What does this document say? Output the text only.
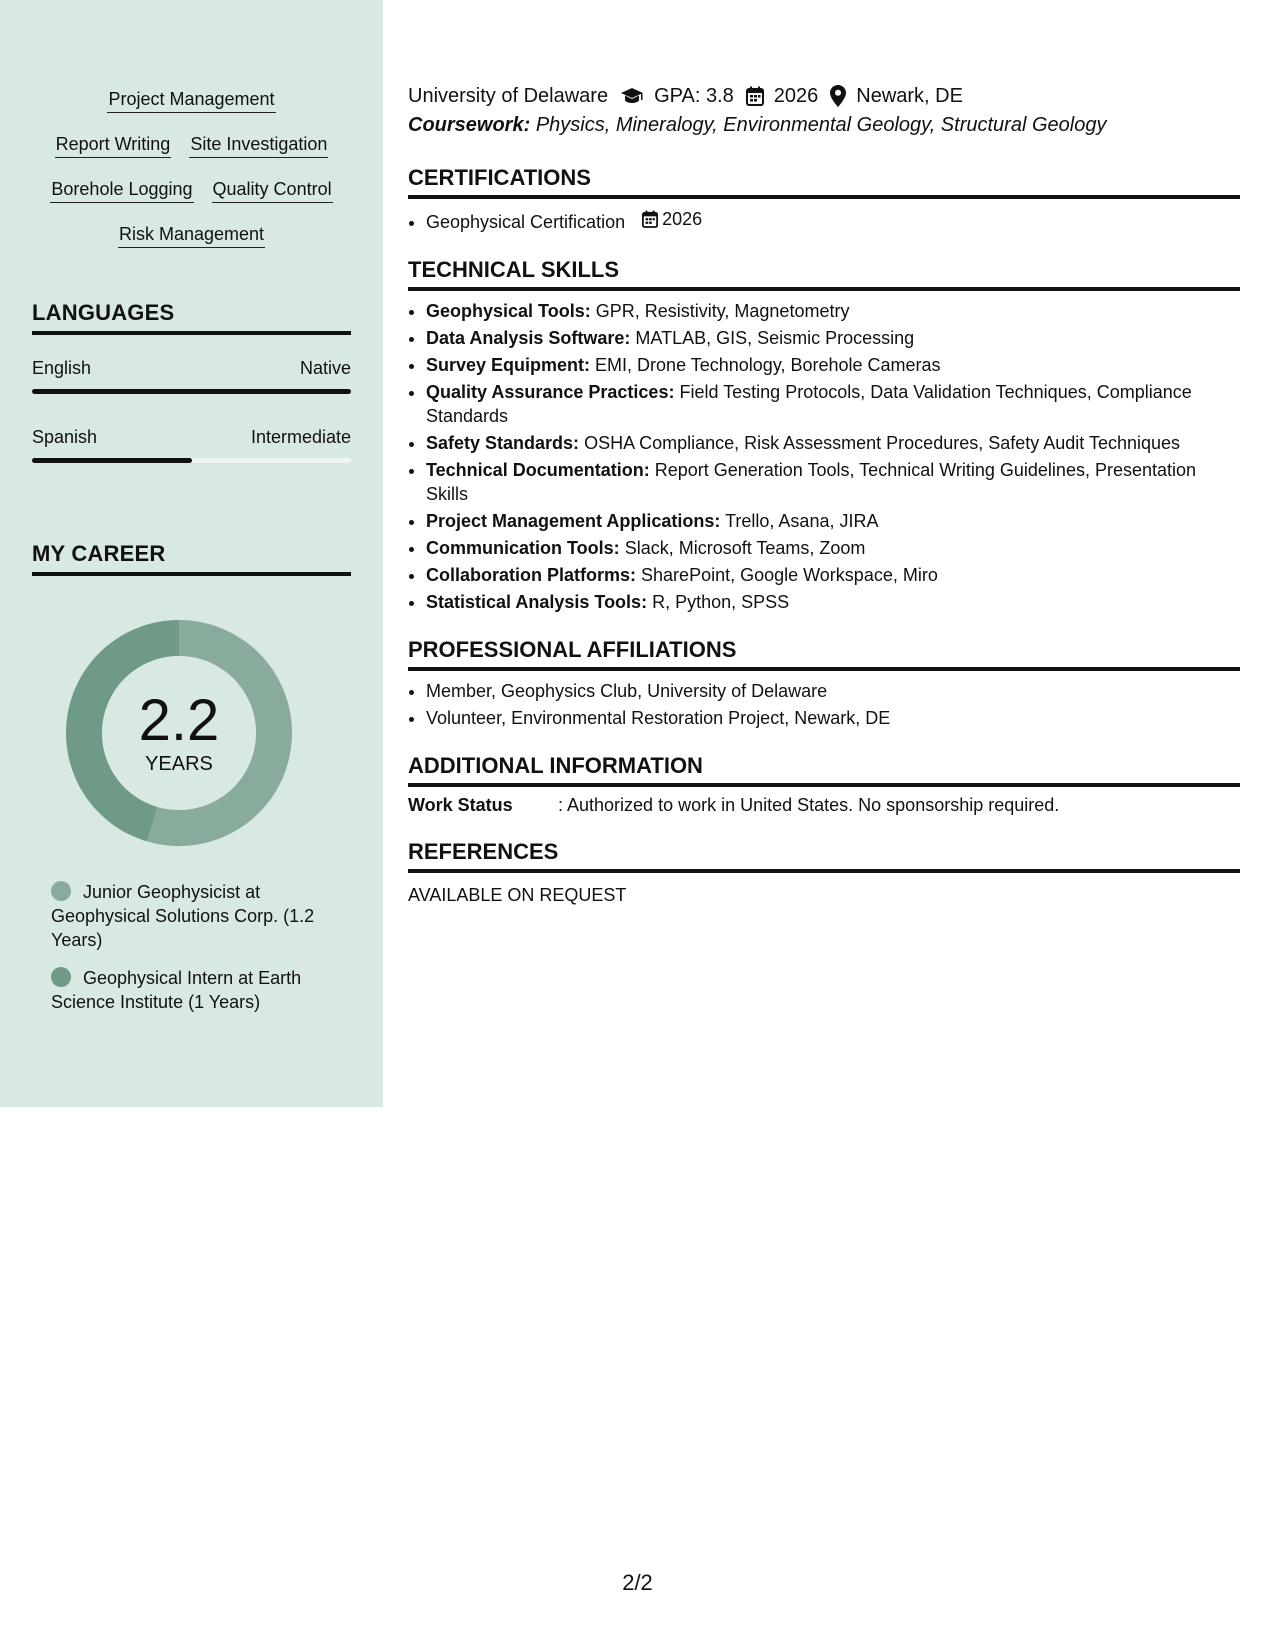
Project Management
Report Writing Site Investigation
Borehole Logging Quality Control
Risk Management
LANGUAGES
English	Native
Spanish	Intermediate
MY CAREER
2.2
YEARS
Junior Geophysicist at Geophysical Solutions Corp. (1.2 Years)
Geophysical Intern at Earth Science Institute (1 Years)
University of Delaware GPA: 3.8 2026 Newark, DE
Coursework: Physics, Mineralogy, Environmental Geology, Structural Geology
CERTIFICATIONS
• Geophysical Certification 2026
TECHNICAL SKILLS
• Geophysical Tools: GPR, Resistivity, Magnetometry
• Data Analysis Software: MATLAB, GIS, Seismic Processing
• Survey Equipment: EMI, Drone Technology, Borehole Cameras
• Quality Assurance Practices: Field Testing Protocols, Data Validation Techniques, Compliance Standards
• Safety Standards: OSHA Compliance, Risk Assessment Procedures, Safety Audit Techniques
• Technical Documentation: Report Generation Tools, Technical Writing Guidelines, Presentation Skills
• Project Management Applications: Trello, Asana, JIRA
• Communication Tools: Slack, Microsoft Teams, Zoom
• Collaboration Platforms: SharePoint, Google Workspace, Miro
• Statistical Analysis Tools: R, Python, SPSS
PROFESSIONAL AFFILIATIONS
• Member, Geophysics Club, University of Delaware
• Volunteer, Environmental Restoration Project, Newark, DE
ADDITIONAL INFORMATION
Work Status	: Authorized to work in United States. No sponsorship required.
REFERENCES
AVAILABLE ON REQUEST
2/2
